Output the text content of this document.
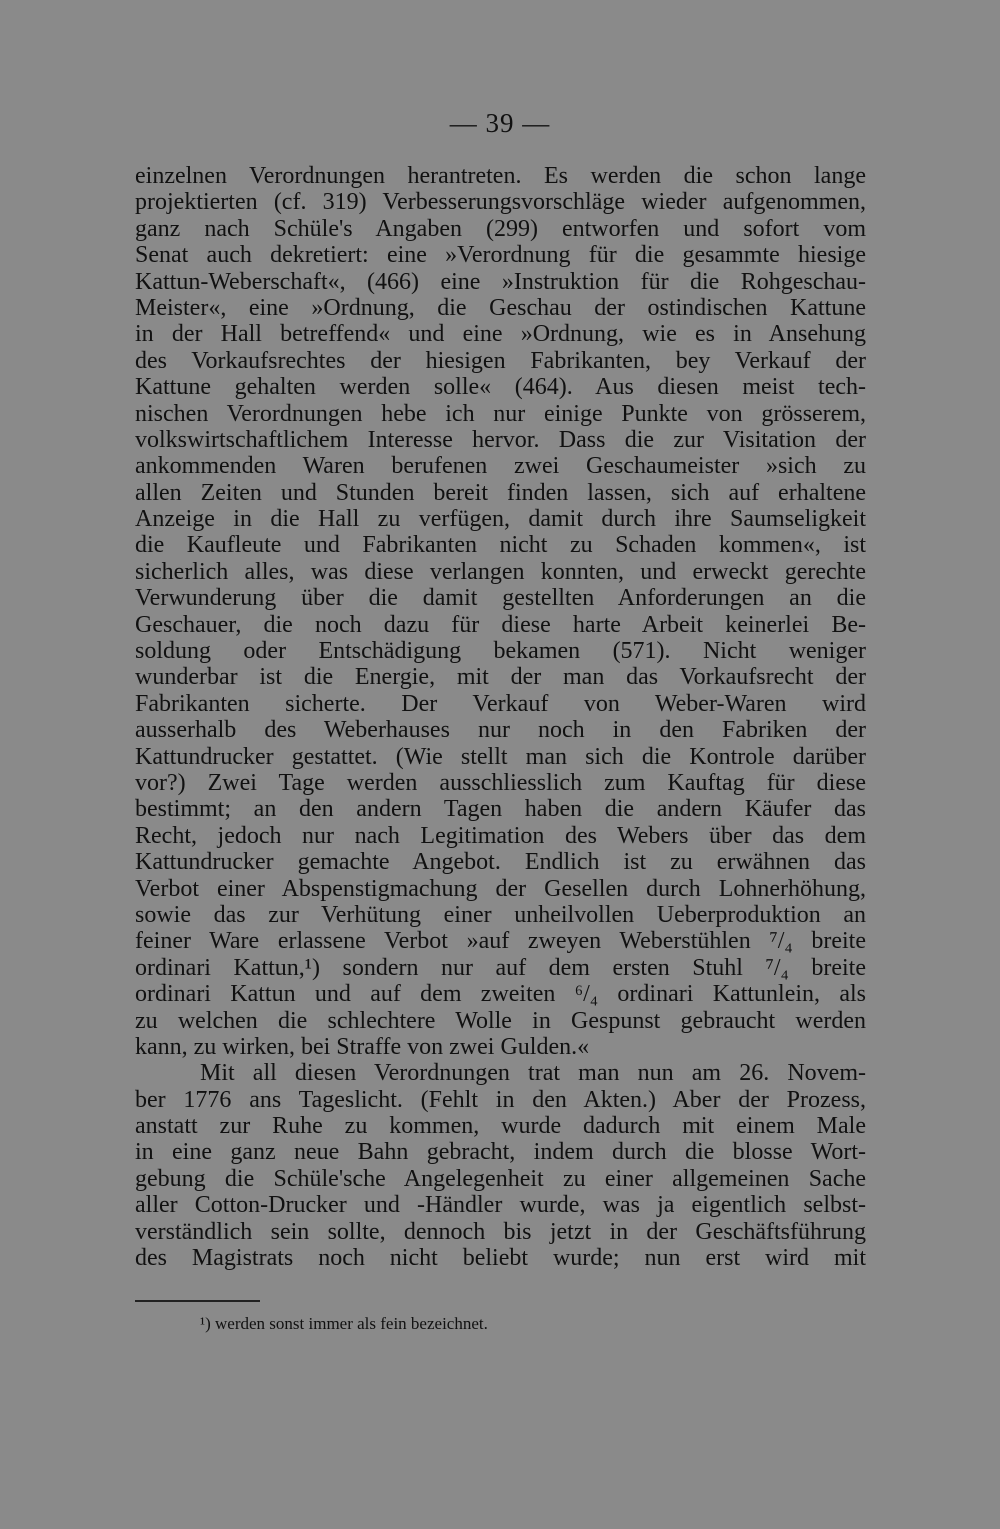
— 39 —
einzelnen Verordnungen herantreten. Es werden die schon lange
projektierten (cf. 319) Verbesserungsvorschläge wieder aufgenommen,
ganz nach Schüle's Angaben (299) entworfen und sofort vom
Senat auch dekretiert: eine »Verordnung für die gesammte hiesige
Kattun-Weberschaft«, (466) eine »Instruktion für die Rohgeschau-
Meister«, eine »Ordnung, die Geschau der ostindischen Kattune
in der Hall betreffend« und eine »Ordnung, wie es in Ansehung
des Vorkaufsrechtes der hiesigen Fabrikanten, bey Verkauf der
Kattune gehalten werden solle« (464). Aus diesen meist tech-
nischen Verordnungen hebe ich nur einige Punkte von grösserem,
volkswirtschaftlichem Interesse hervor. Dass die zur Visitation der
ankommenden Waren berufenen zwei Geschaumeister »sich zu
allen Zeiten und Stunden bereit finden lassen, sich auf erhaltene
Anzeige in die Hall zu verfügen, damit durch ihre Saumseligkeit
die Kaufleute und Fabrikanten nicht zu Schaden kommen«, ist
sicherlich alles, was diese verlangen konnten, und erweckt gerechte
Verwunderung über die damit gestellten Anforderungen an die
Geschauer, die noch dazu für diese harte Arbeit keinerlei Be-
soldung oder Entschädigung bekamen (571). Nicht weniger
wunderbar ist die Energie, mit der man das Vorkaufsrecht der
Fabrikanten sicherte. Der Verkauf von Weber-Waren wird
ausserhalb des Weberhauses nur noch in den Fabriken der
Kattundrucker gestattet. (Wie stellt man sich die Kontrole darüber
vor?) Zwei Tage werden ausschliesslich zum Kauftag für diese
bestimmt; an den andern Tagen haben die andern Käufer das
Recht, jedoch nur nach Legitimation des Webers über das dem
Kattundrucker gemachte Angebot. Endlich ist zu erwähnen das
Verbot einer Abspenstigmachung der Gesellen durch Lohnerhöhung,
sowie das zur Verhütung einer unheilvollen Ueberproduktion an
feiner Ware erlassene Verbot »auf zweyen Weberstühlen ⁷/₄ breite
ordinari Kattun,¹) sondern nur auf dem ersten Stuhl ⁷/₄ breite
ordinari Kattun und auf dem zweiten ⁶/₄ ordinari Kattunlein, als
zu welchen die schlechtere Wolle in Gespunst gebraucht werden
kann, zu wirken, bei Straffe von zwei Gulden.«
Mit all diesen Verordnungen trat man nun am 26. Novem-
ber 1776 ans Tageslicht. (Fehlt in den Akten.) Aber der Prozess,
anstatt zur Ruhe zu kommen, wurde dadurch mit einem Male
in eine ganz neue Bahn gebracht, indem durch die blosse Wort-
gebung die Schüle'sche Angelegenheit zu einer allgemeinen Sache
aller Cotton-Drucker und -Händler wurde, was ja eigentlich selbst-
verständlich sein sollte, dennoch bis jetzt in der Geschäftsführung
des Magistrats noch nicht beliebt wurde; nun erst wird mit
¹) werden sonst immer als fein bezeichnet.
